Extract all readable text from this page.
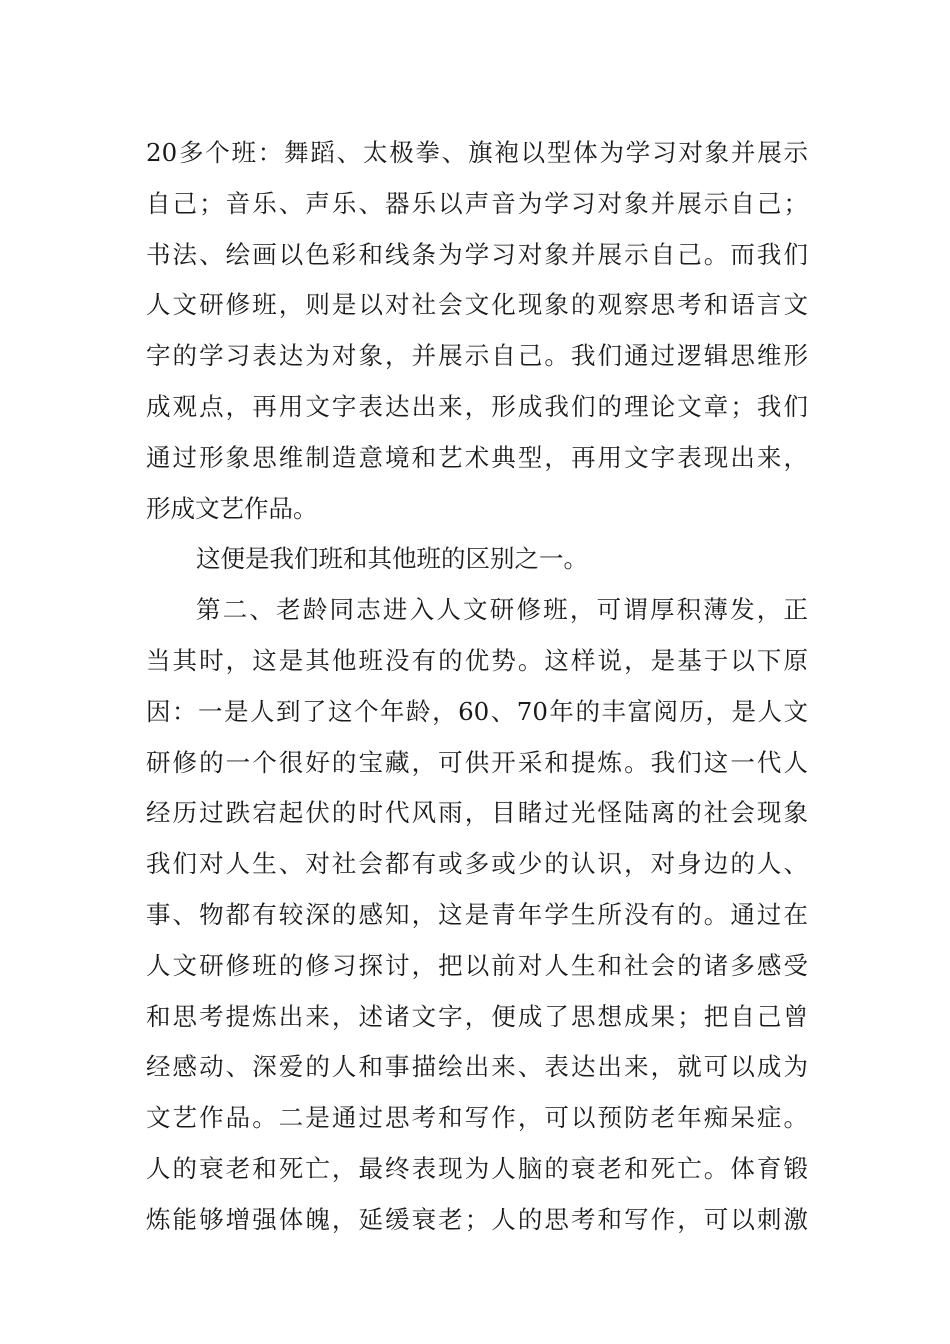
20多个班：舞蹈、太极拳、旗袍以型体为学习对象并展示
自己；音乐、声乐、器乐以声音为学习对象并展示自己；
书法、绘画以色彩和线条为学习对象并展示自己。而我们
人文研修班，则是以对社会文化现象的观察思考和语言文
字的学习表达为对象，并展示自己。我们通过逻辑思维形
成观点，再用文字表达出来，形成我们的理论文章；我们
通过形象思维制造意境和艺术典型，再用文字表现出来，
形成文艺作品。
这便是我们班和其他班的区别之一。
第二、老龄同志进入人文研修班，可谓厚积薄发，正
当其时，这是其他班没有的优势。这样说，是基于以下原
因：一是人到了这个年龄，60、70年的丰富阅历，是人文
研修的一个很好的宝藏，可供开采和提炼。我们这一代人
经历过跌宕起伏的时代风雨，目睹过光怪陆离的社会现象
我们对人生、对社会都有或多或少的认识，对身边的人、
事、物都有较深的感知，这是青年学生所没有的。通过在
人文研修班的修习探讨，把以前对人生和社会的诸多感受
和思考提炼出来，述诸文字，便成了思想成果；把自己曾
经感动、深爱的人和事描绘出来、表达出来，就可以成为
文艺作品。二是通过思考和写作，可以预防老年痴呆症。
人的衰老和死亡，最终表现为人脑的衰老和死亡。体育锻
炼能够增强体魄，延缓衰老；人的思考和写作，可以刺激
